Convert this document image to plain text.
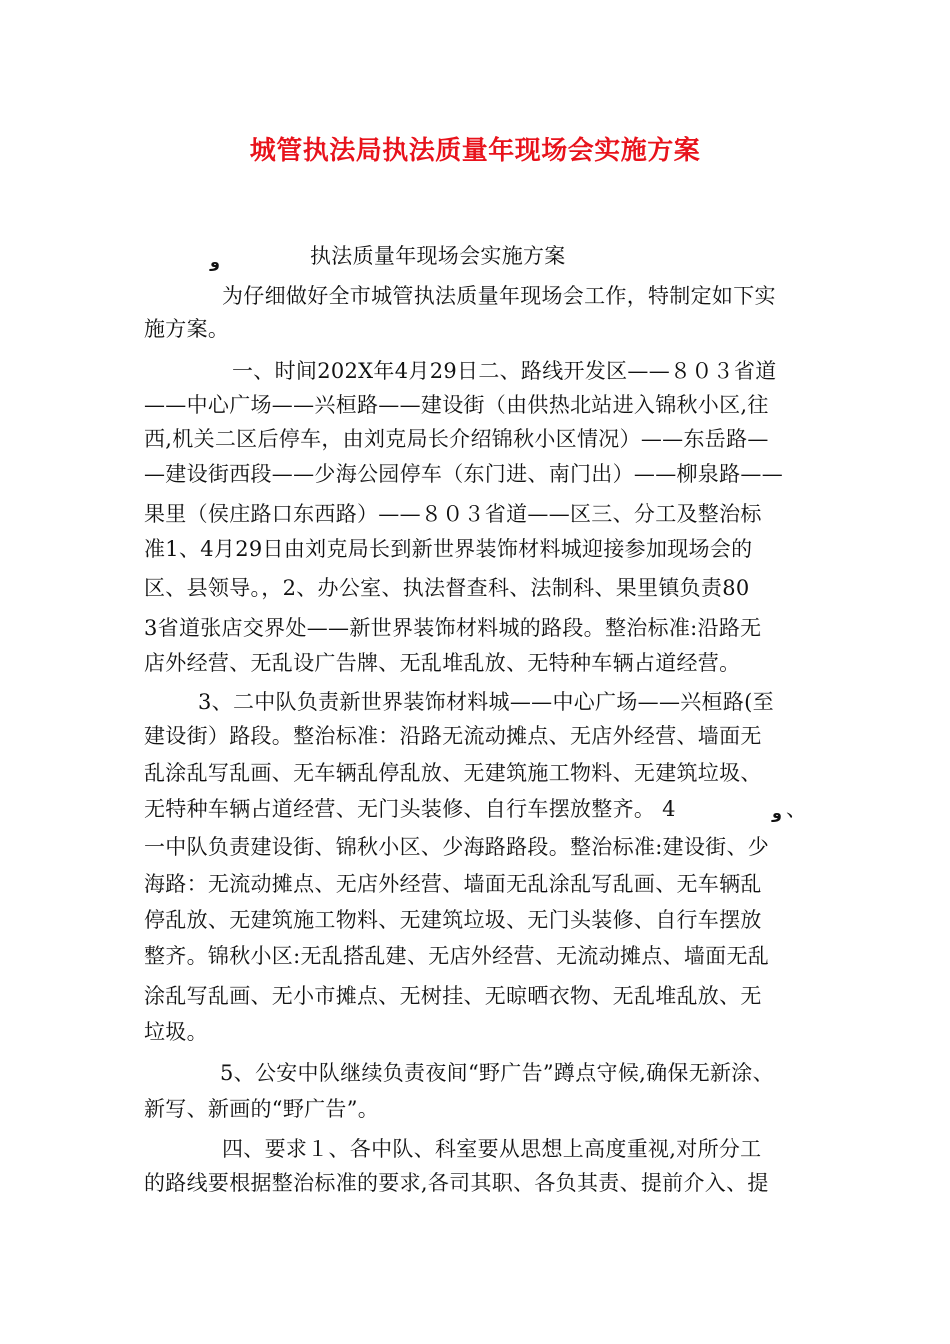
城管执法局执法质量年现场会实施方案
و
و
执法质量年现场会实施方案
为仔细做好全市城管执法质量年现场会工作，特制定如下实
施方案。
一、时间202X年4月29日二、路线开发区——８０３省道
——中心广场——兴桓路——建设街（由供热北站进入锦秋小区,往
西,机关二区后停车，由刘克局长介绍锦秋小区情况）——东岳路—
—建设街西段——少海公园停车（东门进、南门出）——柳泉路——
果里（侯庄路口东西路）——８０３省道——区三、分工及整治标
准1、4月29日由刘克局长到新世界装饰材料城迎接参加现场会的
区、县领导。，2、办公室、执法督查科、法制科、果里镇负责80
3省道张店交界处——新世界装饰材料城的路段。整治标准:沿路无
店外经营、无乱设广告牌、无乱堆乱放、无特种车辆占道经营。
3、二中队负责新世界装饰材料城——中心广场——兴桓路(至
建设街）路段。整治标准：沿路无流动摊点、无店外经营、墙面无
乱涂乱写乱画、无车辆乱停乱放、无建筑施工物料、无建筑垃圾、
无特种车辆占道经营、无门头装修、自行车摆放整齐。 4	、
一中队负责建设街、锦秋小区、少海路路段。整治标准:建设街、少
海路：无流动摊点、无店外经营、墙面无乱涂乱写乱画、无车辆乱
停乱放、无建筑施工物料、无建筑垃圾、无门头装修、自行车摆放
整齐。锦秋小区:无乱搭乱建、无店外经营、无流动摊点、墙面无乱
涂乱写乱画、无小市摊点、无树挂、无晾晒衣物、无乱堆乱放、无
垃圾。
5、公安中队继续负责夜间“野广告”蹲点守候,确保无新涂、
新写、新画的“野广告”。
四、要求１、各中队、科室要从思想上高度重视,对所分工
的路线要根据整治标准的要求,各司其职、各负其责、提前介入、提
